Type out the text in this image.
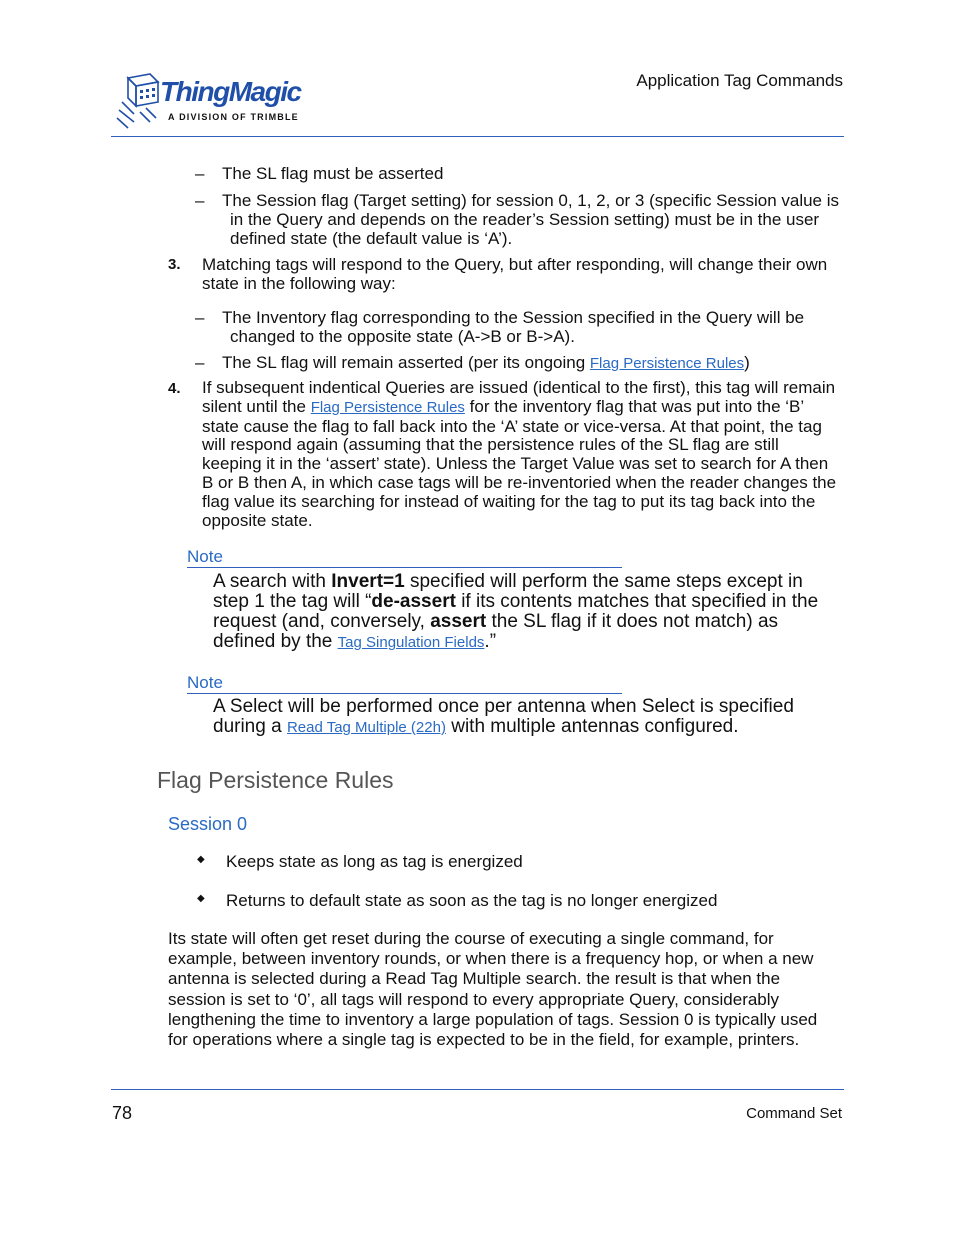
ThingMagic
A DIVISION OF TRIMBLE
Application Tag Commands
– The SL flag must be asserted
– The Session flag (Target setting) for session 0, 1, 2, or 3 (specific Session value is in the Query and depends on the reader’s Session setting) must be in the user defined state (the default value is ‘A’).
3. Matching tags will respond to the Query, but after responding, will change their own state in the following way:
– The Inventory flag corresponding to the Session specified in the Query will be changed to the opposite state (A->B or B->A).
– The SL flag will remain asserted (per its ongoing Flag Persistence Rules)
4. If subsequent indentical Queries are issued (identical to the first), this tag will remain silent until the Flag Persistence Rules for the inventory flag that was put into the ‘B’ state cause the flag to fall back into the ‘A’ state or vice-versa. At that point, the tag will respond again (assuming that the persistence rules of the SL flag are still keeping it in the ‘assert’ state). Unless the Target Value was set to search for A then B or B then A, in which case tags will be re-inventoried when the reader changes the flag value its searching for instead of waiting for the tag to put its tag back into the opposite state.
Note
A search with Invert=1 specified will perform the same steps except in step 1 the tag will “de-assert if its contents matches that specified in the request (and, conversely, assert the SL flag if it does not match) as defined by the Tag Singulation Fields.”
Note
A Select will be performed once per antenna when Select is specified during a Read Tag Multiple (22h) with multiple antennas configured.
Flag Persistence Rules
Session 0
◆ Keeps state as long as tag is energized
◆ Returns to default state as soon as the tag is no longer energized
Its state will often get reset during the course of executing a single command, for example, between inventory rounds, or when there is a frequency hop, or when a new antenna is selected during a Read Tag Multiple search. the result is that when the session is set to ‘0’, all tags will respond to every appropriate Query, considerably lengthening the time to inventory a large population of tags. Session 0 is typically used for operations where a single tag is expected to be in the field, for example, printers.
78	Command Set
